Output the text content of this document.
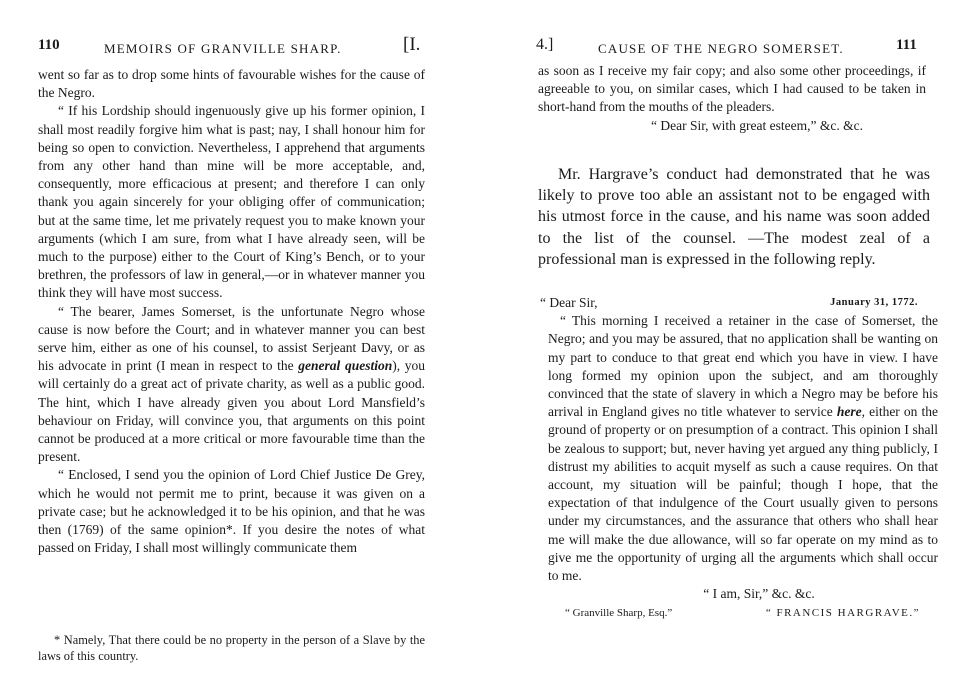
110	MEMOIRS OF GRANVILLE SHARP.	[I.

went so far as to drop some hints of favourable wishes for the cause of the Negro.

“ If his Lordship should ingenuously give up his former opinion, I shall most readily forgive him what is past; nay, I shall honour him for being so open to conviction. Nevertheless, I apprehend that arguments from any other hand than mine will be more acceptable, and, consequently, more efficacious at present; and therefore I can only thank you again sincerely for your obliging offer of communication; but at the same time, let me privately request you to make known your arguments (which I am sure, from what I have already seen, will be much to the purpose) either to the Court of King’s Bench, or to your brethren, the professors of law in general,—or in whatever manner you think they will have most success.

“ The bearer, James Somerset, is the unfortunate Negro whose cause is now before the Court; and in whatever manner you can best serve him, either as one of his counsel, to assist Serjeant Davy, or as his advocate in print (I mean in respect to the general question), you will certainly do a great act of private charity, as well as a public good. The hint, which I have already given you about Lord Mansfield’s behaviour on Friday, will convince you, that arguments on this point cannot be produced at a more critical or more favourable time than the present.

“ Enclosed, I send you the opinion of Lord Chief Justice De Grey, which he would not permit me to print, because it was given on a private case; but he acknowledged it to be his opinion, and that he was then (1769) of the same opinion*. If you desire the notes of what passed on Friday, I shall most willingly communicate them

* Namely, That there could be no property in the person of a Slave by the laws of this country.
4.]	CAUSE OF THE NEGRO SOMERSET.	111

as soon as I receive my fair copy; and also some other proceedings, if agreeable to you, on similar cases, which I had caused to be taken in short-hand from the mouths of the pleaders.

“ Dear Sir, with great esteem,” &c. &c.

Mr. Hargrave’s conduct had demonstrated that he was likely to prove too able an assistant not to be engaged with his utmost force in the cause, and his name was soon added to the list of the counsel. —The modest zeal of a professional man is expressed in the following reply.

“ Dear Sir,	January 31, 1772.

“ This morning I received a retainer in the case of Somerset, the Negro; and you may be assured, that no application shall be wanting on my part to conduce to that great end which you have in view. I have long formed my opinion upon the subject, and am thoroughly convinced that the state of slavery in which a Negro may be before his arrival in England gives no title whatever to service here, either on the ground of property or on presumption of a contract. This opinion I shall be zealous to support; but, never having yet argued any thing publicly, I distrust my abilities to acquit myself as such a cause requires. On that account, my situation will be painful; though I hope, that the expectation of that indulgence of the Court usually given to persons under my circumstances, and the assurance that others who shall hear me will make the due allowance, will so far operate on my mind as to give me the opportunity of urging all the arguments which shall occur to me.

“ I am, Sir,” &c. &c.

“ Granville Sharp, Esq.”	“ FRANCIS HARGRAVE.”
